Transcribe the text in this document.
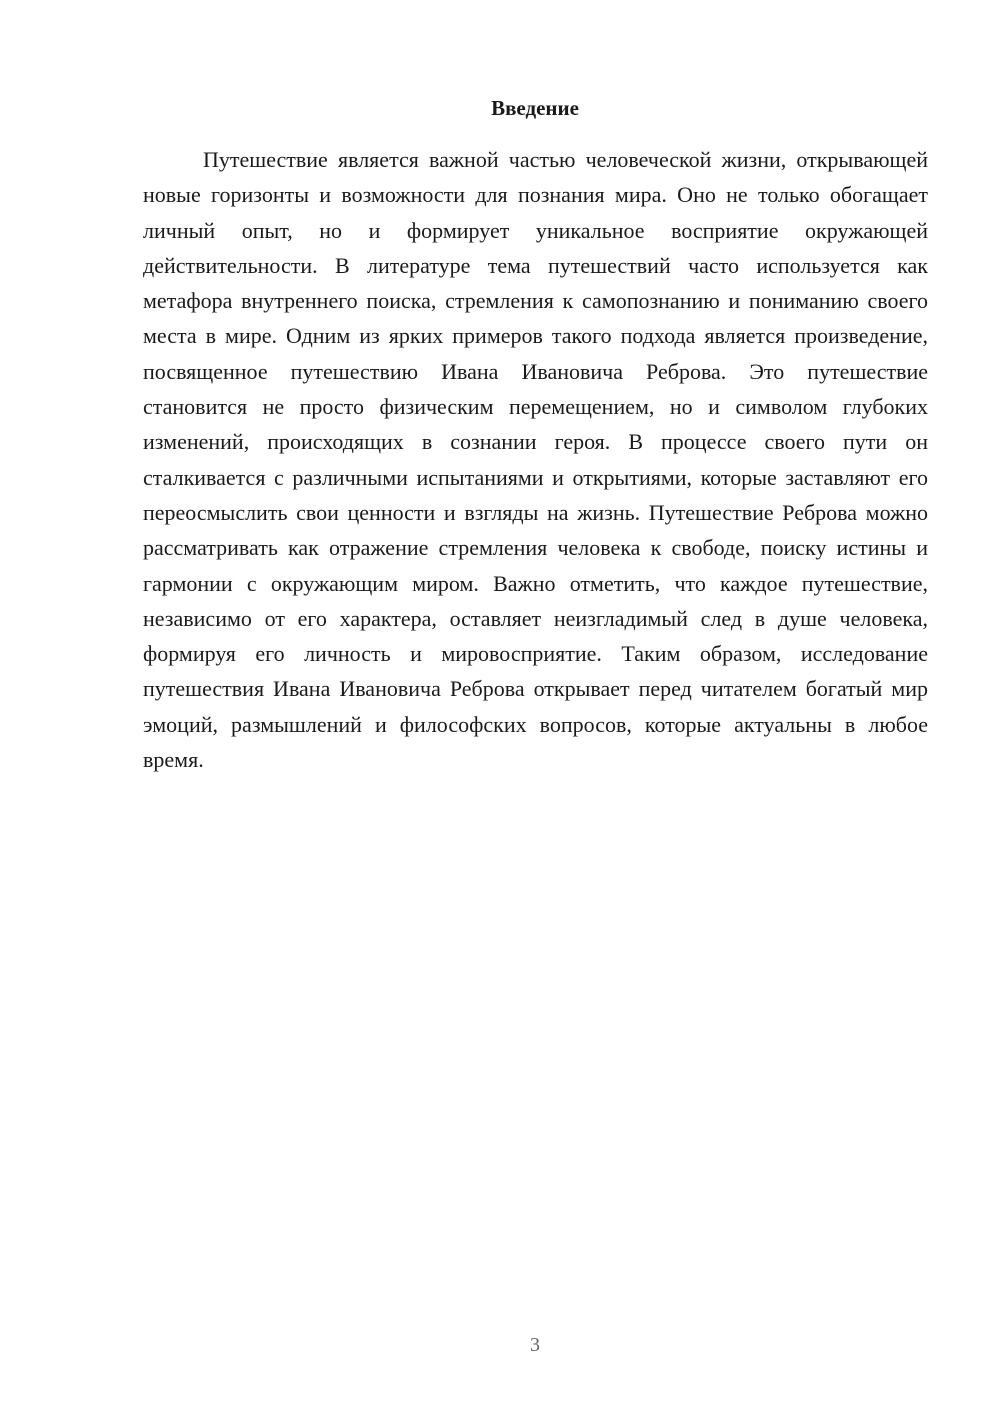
Введение

Путешествие является важной частью человеческой жизни, открывающей новые горизонты и возможности для познания мира. Оно не только обогащает личный опыт, но и формирует уникальное восприятие окружающей действительности. В литературе тема путешествий часто используется как метафора внутреннего поиска, стремления к самопознанию и пониманию своего места в мире. Одним из ярких примеров такого подхода является произведение, посвященное путешествию Ивана Ивановича Реброва. Это путешествие становится не просто физическим перемещением, но и символом глубоких изменений, происходящих в сознании героя. В процессе своего пути он сталкивается с различными испытаниями и открытиями, которые заставляют его переосмыслить свои ценности и взгляды на жизнь. Путешествие Реброва можно рассматривать как отражение стремления человека к свободе, поиску истины и гармонии с окружающим миром. Важно отметить, что каждое путешествие, независимо от его характера, оставляет неизгладимый след в душе человека, формируя его личность и мировосприятие. Таким образом, исследование путешествия Ивана Ивановича Реброва открывает перед читателем богатый мир эмоций, размышлений и философских вопросов, которые актуальны в любое время.

3
